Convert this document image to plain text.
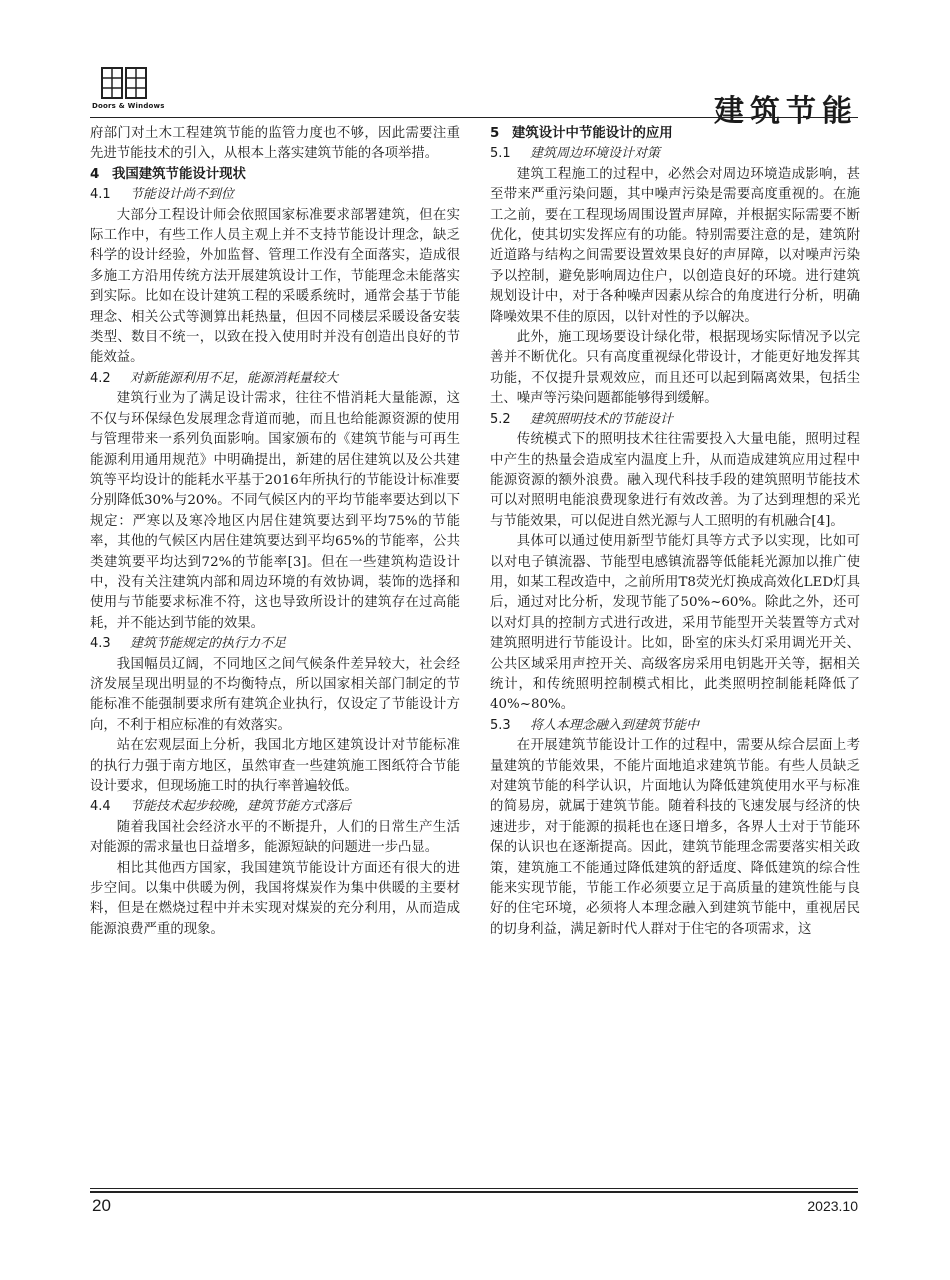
Doors & Windows	建筑节能

府部门对土木工程建筑节能的监管力度也不够，因此需要注重先进节能技术的引入，从根本上落实建筑节能的各项举措。

4 我国建筑节能设计现状
4.1 节能设计尚不到位

大部分工程设计师会依照国家标准要求部署建筑，但在实际工作中，有些工作人员主观上并不支持节能设计理念，缺乏科学的设计经验，外加监督、管理工作没有全面落实，造成很多施工方沿用传统方法开展建筑设计工作，节能理念未能落实到实际。比如在设计建筑工程的采暖系统时，通常会基于节能理念、相关公式等测算出耗热量，但因不同楼层采暖设备安装类型、数目不统一，以致在投入使用时并没有创造出良好的节能效益。

4.2 对新能源利用不足，能源消耗量较大

建筑行业为了满足设计需求，往往不惜消耗大量能源，这不仅与环保绿色发展理念背道而驰，而且也给能源资源的使用与管理带来一系列负面影响。国家颁布的《建筑节能与可再生能源利用通用规范》中明确提出，新建的居住建筑以及公共建筑等平均设计的能耗水平基于2016年所执行的节能设计标准要分别降低30%与20%。不同气候区内的平均节能率要达到以下规定：严寒以及寒冷地区内居住建筑要达到平均75%的节能率，其他的气候区内居住建筑要达到平均65%的节能率，公共类建筑要平均达到72%的节能率[3]。但在一些建筑构造设计中，没有关注建筑内部和周边环境的有效协调，装饰的选择和使用与节能要求标准不符，这也导致所设计的建筑存在过高能耗，并不能达到节能的效果。

4.3 建筑节能规定的执行力不足

我国幅员辽阔，不同地区之间气候条件差异较大，社会经济发展呈现出明显的不均衡特点，所以国家相关部门制定的节能标准不能强制要求所有建筑企业执行，仅设定了节能设计方向，不利于相应标准的有效落实。

站在宏观层面上分析，我国北方地区建筑设计对节能标准的执行力强于南方地区，虽然审查一些建筑施工图纸符合节能设计要求，但现场施工时的执行率普遍较低。

4.4 节能技术起步较晚，建筑节能方式落后

随着我国社会经济水平的不断提升，人们的日常生产生活对能源的需求量也日益增多，能源短缺的问题进一步凸显。

相比其他西方国家，我国建筑节能设计方面还有很大的进步空间。以集中供暖为例，我国将煤炭作为集中供暖的主要材料，但是在燃烧过程中并未实现对煤炭的充分利用，从而造成能源浪费严重的现象。

5 建筑设计中节能设计的应用
5.1 建筑周边环境设计对策

建筑工程施工的过程中，必然会对周边环境造成影响，甚至带来严重污染问题，其中噪声污染是需要高度重视的。在施工之前，要在工程现场周围设置声屏障，并根据实际需要不断优化，使其切实发挥应有的功能。特别需要注意的是，建筑附近道路与结构之间需要设置效果良好的声屏障，以对噪声污染予以控制，避免影响周边住户，以创造良好的环境。进行建筑规划设计中，对于各种噪声因素从综合的角度进行分析，明确降噪效果不佳的原因，以针对性的予以解决。

此外，施工现场要设计绿化带，根据现场实际情况予以完善并不断优化。只有高度重视绿化带设计，才能更好地发挥其功能，不仅提升景观效应，而且还可以起到隔离效果，包括尘土、噪声等污染问题都能够得到缓解。

5.2 建筑照明技术的节能设计

传统模式下的照明技术往往需要投入大量电能，照明过程中产生的热量会造成室内温度上升，从而造成建筑应用过程中能源资源的额外浪费。融入现代科技手段的建筑照明节能技术可以对照明电能浪费现象进行有效改善。为了达到理想的采光与节能效果，可以促进自然光源与人工照明的有机融合[4]。

具体可以通过使用新型节能灯具等方式予以实现，比如可以对电子镇流器、节能型电感镇流器等低能耗光源加以推广使用，如某工程改造中，之前所用T8荧光灯换成高效化LED灯具后，通过对比分析，发现节能了50%~60%。除此之外，还可以对灯具的控制方式进行改进，采用节能型开关装置等方式对建筑照明进行节能设计。比如，卧室的床头灯采用调光开关、公共区域采用声控开关、高级客房采用电钥匙开关等，据相关统计，和传统照明控制模式相比，此类照明控制能耗降低了40%~80%。

5.3 将人本理念融入到建筑节能中

在开展建筑节能设计工作的过程中，需要从综合层面上考量建筑的节能效果，不能片面地追求建筑节能。有些人员缺乏对建筑节能的科学认识，片面地认为降低建筑使用水平与标准的简易房，就属于建筑节能。随着科技的飞速发展与经济的快速进步，对于能源的损耗也在逐日增多，各界人士对于节能环保的认识也在逐渐提高。因此，建筑节能理念需要落实相关政策，建筑施工不能通过降低建筑的舒适度、降低建筑的综合性能来实现节能，节能工作必须要立足于高质量的建筑性能与良好的住宅环境，必须将人本理念融入到建筑节能中，重视居民的切身利益，满足新时代人群对于住宅的各项需求，这

20	2023.10
